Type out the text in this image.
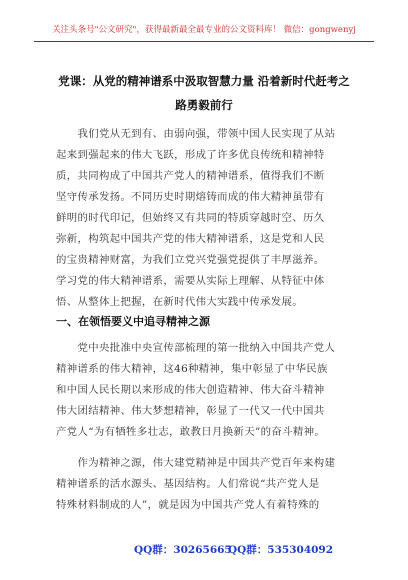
关注头条号"公文研究"，获得最新最全最专业的公文资料库！ 微信：gongwenyj
党课：从党的精神谱系中汲取智慧力量 沿着新时代赶考之
路勇毅前行
　　我们党从无到有、由弱向强，带领中国人民实现了从站
起来到强起来的伟大飞跃，形成了许多优良传统和精神特
质，共同构成了中国共产党人的精神谱系，值得我们不断
坚守传承发扬。不同历史时期熔铸而成的伟大精神虽带有
鲜明的时代印记，但始终又有共同的特质穿越时空、历久
弥新，构筑起中国共产党的伟大精神谱系，这是党和人民
的宝贵精神财富，为我们立党兴党强党提供了丰厚滋养。
学习党的伟大精神谱系，需要从实际上理解、从特征中体
悟、从整体上把握，在新时代伟大实践中传承发展。
一、在领悟要义中追寻精神之源
　　党中央批准中央宣传部梳理的第一批纳入中国共产党人
精神谱系的伟大精神，这46种精神，集中彰显了中华民族
和中国人民长期以来形成的伟大创造精神、伟大奋斗精神
伟大团结精神、伟大梦想精神，彰显了一代又一代中国共
产党人“为有牺牲多壮志，敢教日月换新天”的奋斗精神。
　　作为精神之源，伟大建党精神是中国共产党百年来构建
精神谱系的活水源头、基因结构。人们常说“共产党人是
特殊材料制成的人”，就是因为中国共产党人有着特殊的
QQ群：30265665
QQ群：535304092
